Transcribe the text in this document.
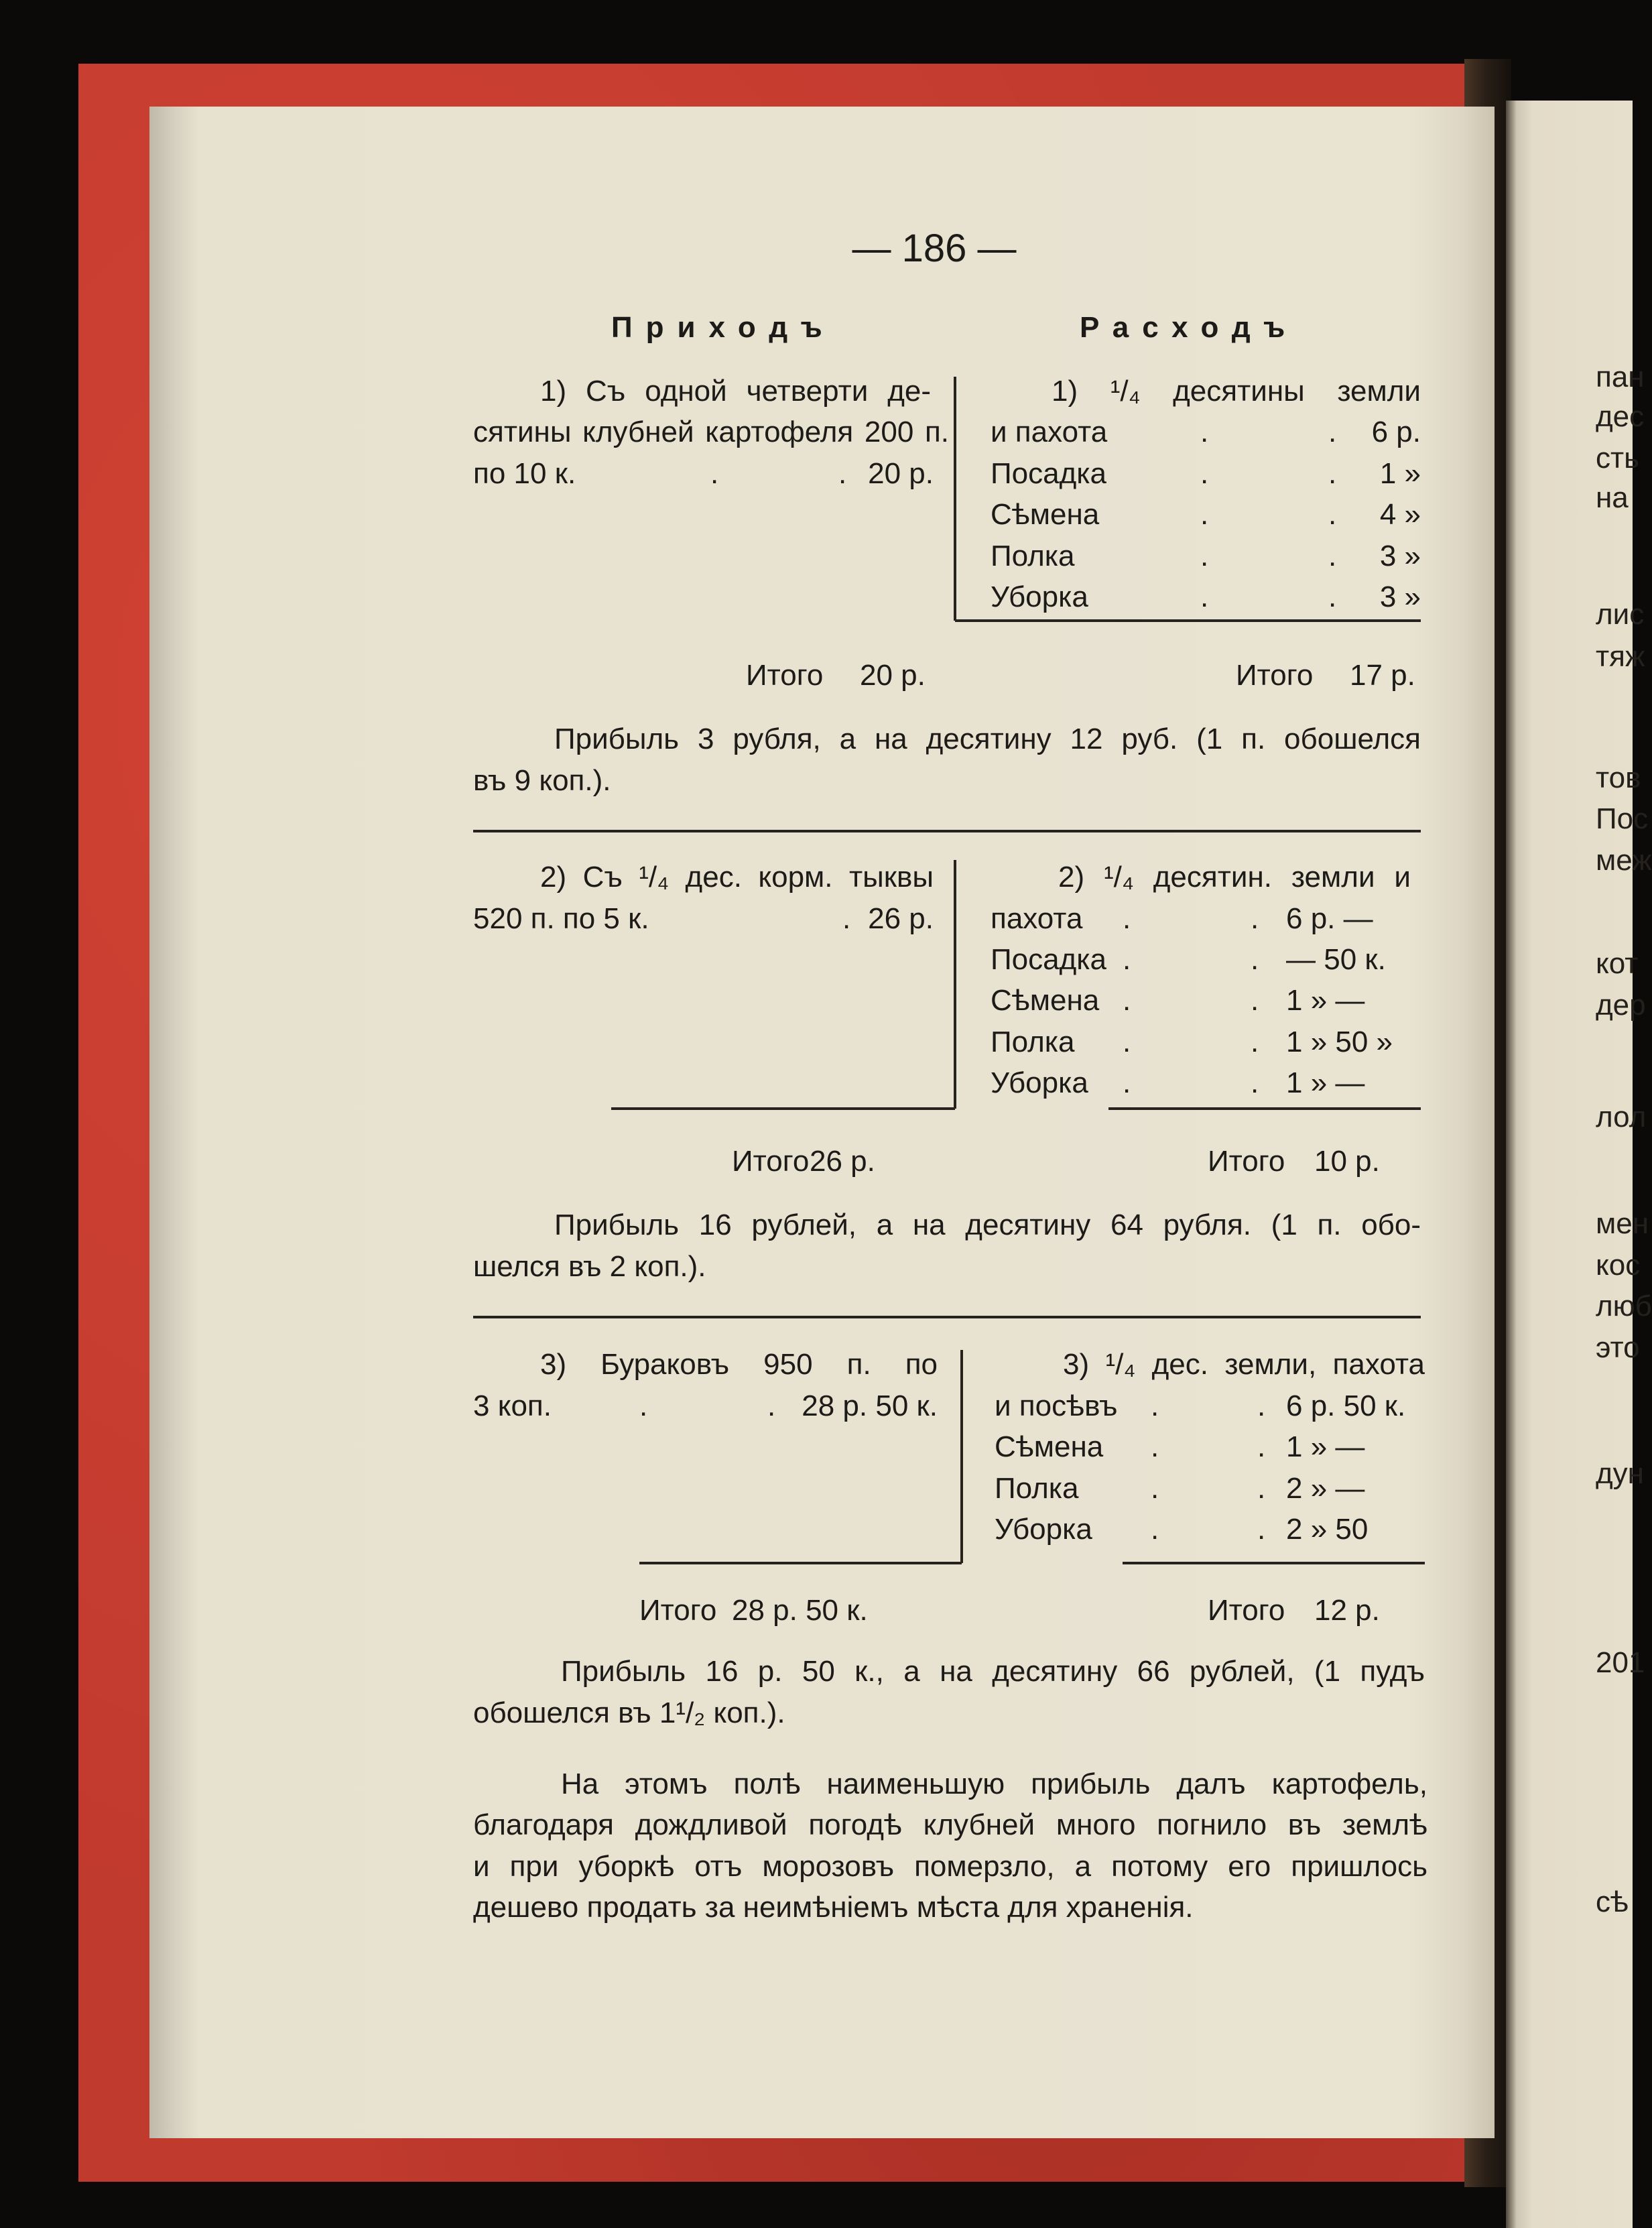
пан
дес
сть
на
лис
тяж
тов
Пос
меж
кот
дер
лол
мен
кос
люб
это
дун
201
сѣ
— 186 —
Приходъ	Расходъ
1) Съ одной четверти де-
сятины клубней картофеля 200 п.
по 10 к.	.	. 20 р.
1) ¹/₄ десятины земли
и пахота	.	. 6 р.
Посадка	.	. 1 »
Сѣмена	.	. 4 »
Полка	.	. 3 »
Уборка	.	. 3 »
Итого 20 р.	Итого 17 р.
Прибыль 3 рубля, а на десятину 12 руб. (1 п. обошелся
въ 9 коп.).
2) Съ ¹/₄ дес. корм. тыквы
520 п. по 5 к.	. 26 р.
2) ¹/₄ десятин. земли и
пахота .	. 6 р. —
Посадка .	. — 50 к.
Сѣмена .	. 1 » —
Полка .	. 1 » 50 »
Уборка .	. 1 » —
Итого 26 р.	Итого 10 р.
Прибыль 16 рублей, а на десятину 64 рубля. (1 п. обо-
шелся въ 2 коп.).
3) Бураковъ 950 п. по
3 коп.	.	. 28 р. 50 к.
3) ¹/₄ дес. земли, пахота
и посѣвъ .	. 6 р. 50 к.
Сѣмена .	. 1 » —
Полка .	. 2 » —
Уборка .	. 2 » 50
Итого 28 р. 50 к.	Итого 12 р.
Прибыль 16 р. 50 к., а на десятину 66 рублей, (1 пудъ
обошелся въ 1¹/₂ коп.).
На этомъ полѣ наименьшую прибыль далъ картофель,
благодаря дождливой погодѣ клубней много погнило въ землѣ
и при уборкѣ отъ морозовъ померзло, а потому его пришлось
дешево продать за неимѣніемъ мѣста для храненія.
